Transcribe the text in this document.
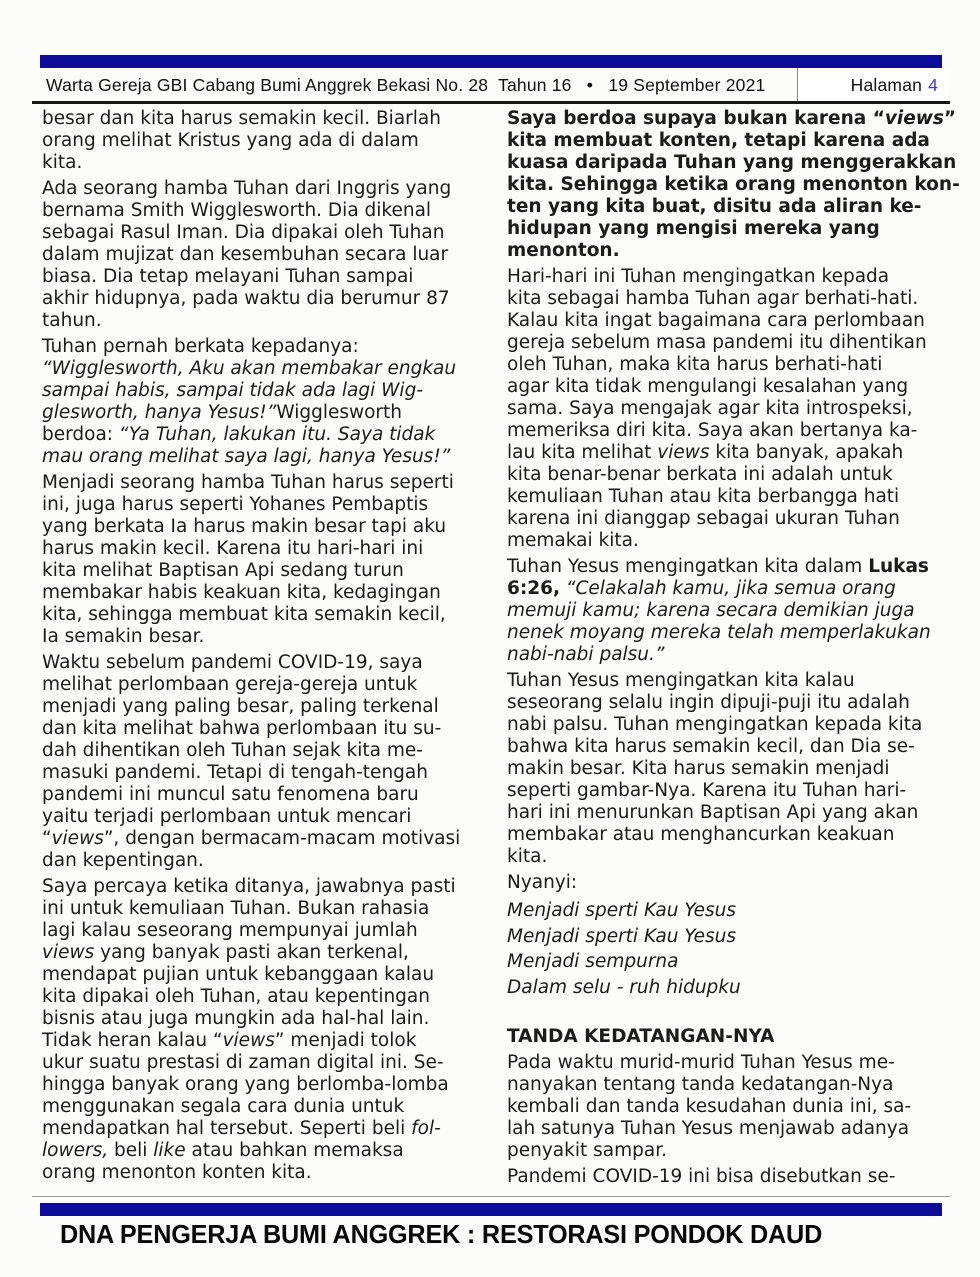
Warta Gereja GBI Cabang Bumi Anggrek Bekasi No. 28  Tahun 16   •   19 September 2021	Halaman 4
besar dan kita harus semakin kecil. Biarlah
orang melihat Kristus yang ada di dalam
kita.
Ada seorang hamba Tuhan dari Inggris yang
bernama Smith Wigglesworth. Dia dikenal
sebagai Rasul Iman. Dia dipakai oleh Tuhan
dalam mujizat dan kesembuhan secara luar
biasa. Dia tetap melayani Tuhan sampai
akhir hidupnya, pada waktu dia berumur 87
tahun.
Tuhan pernah berkata kepadanya:
“Wigglesworth, Aku akan membakar engkau
sampai habis, sampai tidak ada lagi Wig-
glesworth, hanya Yesus!”Wigglesworth
berdoa: “Ya Tuhan, lakukan itu. Saya tidak
mau orang melihat saya lagi, hanya Yesus!”
Menjadi seorang hamba Tuhan harus seperti
ini, juga harus seperti Yohanes Pembaptis
yang berkata Ia harus makin besar tapi aku
harus makin kecil. Karena itu hari-hari ini
kita melihat Baptisan Api sedang turun
membakar habis keakuan kita, kedagingan
kita, sehingga membuat kita semakin kecil,
Ia semakin besar.
Waktu sebelum pandemi COVID-19, saya
melihat perlombaan gereja-gereja untuk
menjadi yang paling besar, paling terkenal
dan kita melihat bahwa perlombaan itu su-
dah dihentikan oleh Tuhan sejak kita me-
masuki pandemi. Tetapi di tengah-tengah
pandemi ini muncul satu fenomena baru
yaitu terjadi perlombaan untuk mencari
“views”, dengan bermacam-macam motivasi
dan kepentingan.
Saya percaya ketika ditanya, jawabnya pasti
ini untuk kemuliaan Tuhan. Bukan rahasia
lagi kalau seseorang mempunyai jumlah
views yang banyak pasti akan terkenal,
mendapat pujian untuk kebanggaan kalau
kita dipakai oleh Tuhan, atau kepentingan
bisnis atau juga mungkin ada hal-hal lain.
Tidak heran kalau “views” menjadi tolok
ukur suatu prestasi di zaman digital ini. Se-
hingga banyak orang yang berlomba-lomba
menggunakan segala cara dunia untuk
mendapatkan hal tersebut. Seperti beli fol-
lowers, beli like atau bahkan memaksa
orang menonton konten kita.
Saya berdoa supaya bukan karena “views”
kita membuat konten, tetapi karena ada
kuasa daripada Tuhan yang menggerakkan
kita. Sehingga ketika orang menonton kon-
ten yang kita buat, disitu ada aliran ke-
hidupan yang mengisi mereka yang
menonton.
Hari-hari ini Tuhan mengingatkan kepada
kita sebagai hamba Tuhan agar berhati-hati.
Kalau kita ingat bagaimana cara perlombaan
gereja sebelum masa pandemi itu dihentikan
oleh Tuhan, maka kita harus berhati-hati
agar kita tidak mengulangi kesalahan yang
sama. Saya mengajak agar kita introspeksi,
memeriksa diri kita. Saya akan bertanya ka-
lau kita melihat views kita banyak, apakah
kita benar-benar berkata ini adalah untuk
kemuliaan Tuhan atau kita berbangga hati
karena ini dianggap sebagai ukuran Tuhan
memakai kita.
Tuhan Yesus mengingatkan kita dalam Lukas
6:26, “Celakalah kamu, jika semua orang
memuji kamu; karena secara demikian juga
nenek moyang mereka telah memperlakukan
nabi-nabi palsu.”
Tuhan Yesus mengingatkan kita kalau
seseorang selalu ingin dipuji-puji itu adalah
nabi palsu. Tuhan mengingatkan kepada kita
bahwa kita harus semakin kecil, dan Dia se-
makin besar. Kita harus semakin menjadi
seperti gambar-Nya. Karena itu Tuhan hari-
hari ini menurunkan Baptisan Api yang akan
membakar atau menghancurkan keakuan
kita.
Nyanyi:
Menjadi sperti Kau Yesus
Menjadi sperti Kau Yesus
Menjadi sempurna
Dalam selu - ruh hidupku
TANDA KEDATANGAN-NYA
Pada waktu murid-murid Tuhan Yesus me-
nanyakan tentang tanda kedatangan-Nya
kembali dan tanda kesudahan dunia ini, sa-
lah satunya Tuhan Yesus menjawab adanya
penyakit sampar.
Pandemi COVID-19 ini bisa disebutkan se-
DNA PENGERJA BUMI ANGGREK : RESTORASI PONDOK DAUD
